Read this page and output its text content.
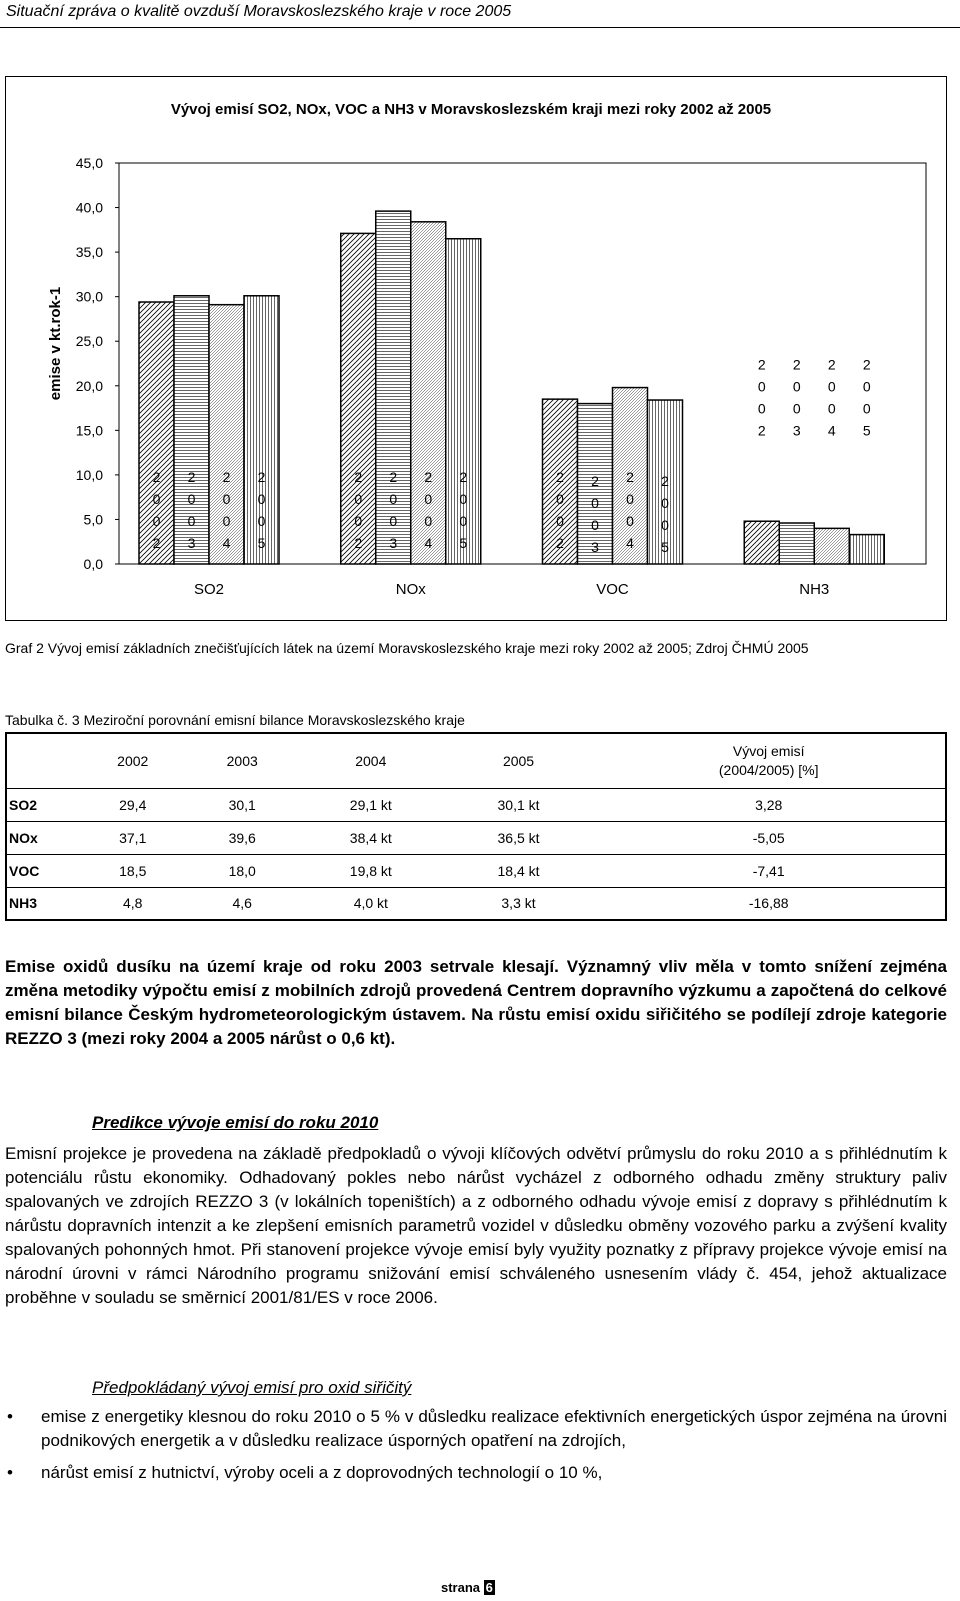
Situační zpráva o kvalitě ovzduší Moravskoslezského kraje v roce 2005
Vývoj emisí SO2, NOx, VOC a NH3 v Moravskoslezském kraji mezi roky 2002 až 2005
emise v kt.rok-1
0,0
5,0
10,0
15,0
20,0
25,0
30,0
35,0
40,0
45,0
2 0 0 2
2 0 0 3
2 0 0 4
2 0 0 5
2 0 0 2
2 0 0 3
2 0 0 4
2 0 0 5
2 0 0 2
2 0 0 3
2 0 0 4
2 0 0 5
2 0 0 2
2 0 0 3
2 0 0 4
2 0 0 5
SO2	NOx	VOC	NH3
Graf 2 Vývoj emisí základních znečišťujících látek na území Moravskoslezského kraje mezi roky 2002 až 2005; Zdroj ČHMÚ 2005
Tabulka č. 3 Meziroční porovnání emisní bilance Moravskoslezského kraje
	2002	2003	2004	2005	Vývoj emisí
(2004/2005) [%]

SO2	29,4	30,1	29,1 kt	30,1 kt	3,28
NOx	37,1	39,6	38,4 kt	36,5 kt	-5,05
VOC	18,5	18,0	19,8 kt	18,4 kt	-7,41
NH3	4,8	4,6	4,0 kt	3,3 kt	-16,88
Emise oxidů dusíku na území kraje od roku 2003 setrvale klesají. Významný vliv měla v tomto snížení zejména změna metodiky výpočtu emisí z mobilních zdrojů provedená Centrem dopravního výzkumu a započtená do celkové emisní bilance Českým hydrometeorologickým ústavem. Na růstu emisí oxidu siřičitého se podílejí zdroje kategorie REZZO 3 (mezi roky 2004 a 2005 nárůst o 0,6 kt).
Predikce vývoje emisí do roku 2010
Emisní projekce je provedena na základě předpokladů o vývoji klíčových odvětví průmyslu do roku 2010 a s přihlédnutím k potenciálu růstu ekonomiky. Odhadovaný pokles nebo nárůst vycházel z odborného odhadu změny struktury paliv spalovaných ve zdrojích REZZO 3 (v lokálních topeništích) a z odborného odhadu vývoje emisí z dopravy s přihlédnutím k nárůstu dopravních intenzit a ke zlepšení emisních parametrů vozidel v důsledku obměny vozového parku a zvýšení kvality spalovaných pohonných hmot. Při stanovení projekce vývoje emisí byly využity poznatky z přípravy projekce vývoje emisí na národní úrovni v rámci Národního programu snižování emisí schváleného usnesením vlády č. 454, jehož aktualizace proběhne v souladu se směrnicí 2001/81/ES v roce 2006.
Předpokládaný vývoj emisí pro oxid siřičitý
• emise z energetiky klesnou do roku 2010 o 5 % v důsledku realizace efektivních energetických úspor zejména na úrovni podnikových energetik a v důsledku realizace úsporných opatření na zdrojích,
• nárůst emisí z hutnictví, výroby oceli a z doprovodných technologií o 10 %,
strana 6
